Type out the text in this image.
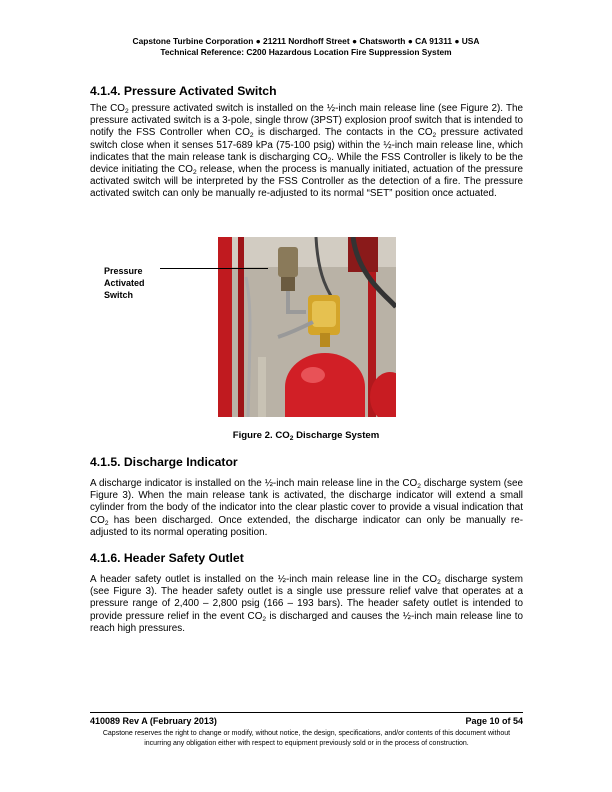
Capstone Turbine Corporation ● 21211 Nordhoff Street ● Chatsworth ● CA 91311 ● USA
Technical Reference: C200 Hazardous Location Fire Suppression System
4.1.4. Pressure Activated Switch
The $CO_2$ pressure activated switch is installed on the ½-inch main release line (see Figure 2). The pressure activated switch is a 3-pole, single throw (3PST) explosion proof switch that is intended to notify the FSS Controller when $CO_2$ is discharged. The contacts in the $CO_2$ pressure activated switch close when it senses 517-689 kPa (75-100 psig) within the ½-inch main release line, which indicates that the main release tank is discharging $CO_2$. While the FSS Controller is likely to be the device initiating the $CO_2$ release, when the process is manually initiated, actuation of the pressure activated switch will be interpreted by the FSS Controller as the detection of a fire. The pressure activated switch can only be manually re-adjusted to its normal “SET” position once actuated.
Pressure
Activated
Switch
Figure 2. $CO_2$ Discharge System
4.1.5. Discharge Indicator
A discharge indicator is installed on the ½-inch main release line in the $CO_2$ discharge system (see Figure 3). When the main release tank is activated, the discharge indicator will extend a small cylinder from the body of the indicator into the clear plastic cover to provide a visual indication that $CO_2$ has been discharged. Once extended, the discharge indicator can only be manually re-adjusted to its normal operating position.
4.1.6. Header Safety Outlet
A header safety outlet is installed on the ½-inch main release line in the $CO_2$ discharge system (see Figure 3). The header safety outlet is a single use pressure relief valve that operates at a pressure range of 2,400 – 2,800 psig (166 – 193 bars). The header safety outlet is intended to provide pressure relief in the event $CO_2$ is discharged and causes the ½-inch main release line to reach high pressures.
410089 Rev A (February 2013)	Page 10 of 54
Capstone reserves the right to change or modify, without notice, the design, specifications, and/or contents of this document without incurring any obligation either with respect to equipment previously sold or in the process of construction.
